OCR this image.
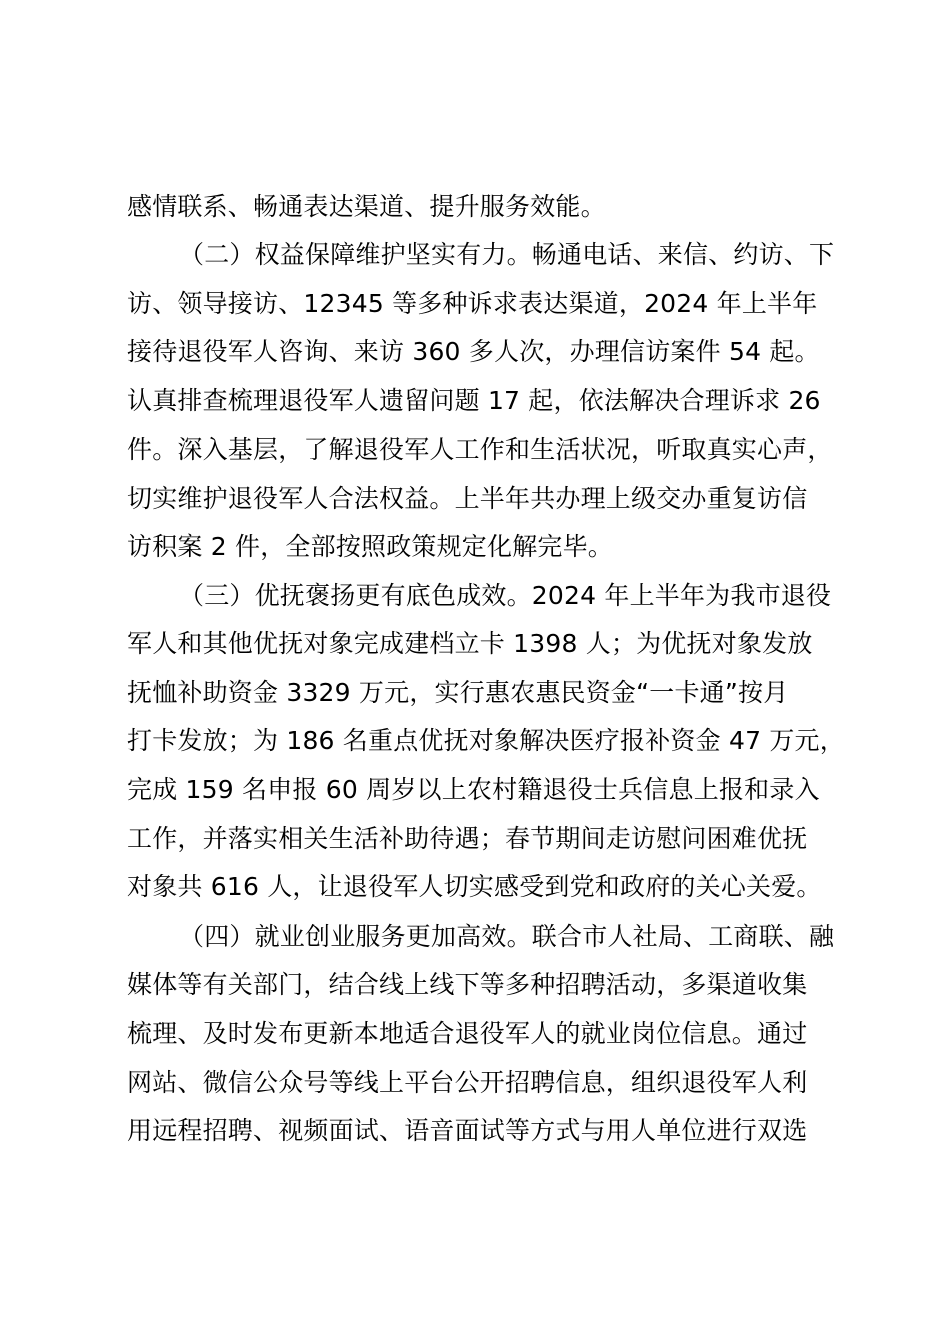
感情联系、畅通表达渠道、提升服务效能。
（二）权益保障维护坚实有力。畅通电话、来信、约访、下
访、领导接访、12345 等多种诉求表达渠道，2024 年上半年
接待退役军人咨询、来访 360 多人次，办理信访案件 54 起。
认真排查梳理退役军人遗留问题 17 起，依法解决合理诉求 26
件。深入基层，了解退役军人工作和生活状况，听取真实心声，
切实维护退役军人合法权益。上半年共办理上级交办重复访信
访积案 2 件，全部按照政策规定化解完毕。
（三）优抚褒扬更有底色成效。2024 年上半年为我市退役
军人和其他优抚对象完成建档立卡 1398 人；为优抚对象发放
抚恤补助资金 3329 万元，实行惠农惠民资金“一卡通”按月
打卡发放；为 186 名重点优抚对象解决医疗报补资金 47 万元，
完成 159 名申报 60 周岁以上农村籍退役士兵信息上报和录入
工作，并落实相关生活补助待遇；春节期间走访慰问困难优抚
对象共 616 人，让退役军人切实感受到党和政府的关心关爱。
（四）就业创业服务更加高效。联合市人社局、工商联、融
媒体等有关部门，结合线上线下等多种招聘活动，多渠道收集
梳理、及时发布更新本地适合退役军人的就业岗位信息。通过
网站、微信公众号等线上平台公开招聘信息，组织退役军人利
用远程招聘、视频面试、语音面试等方式与用人单位进行双选
